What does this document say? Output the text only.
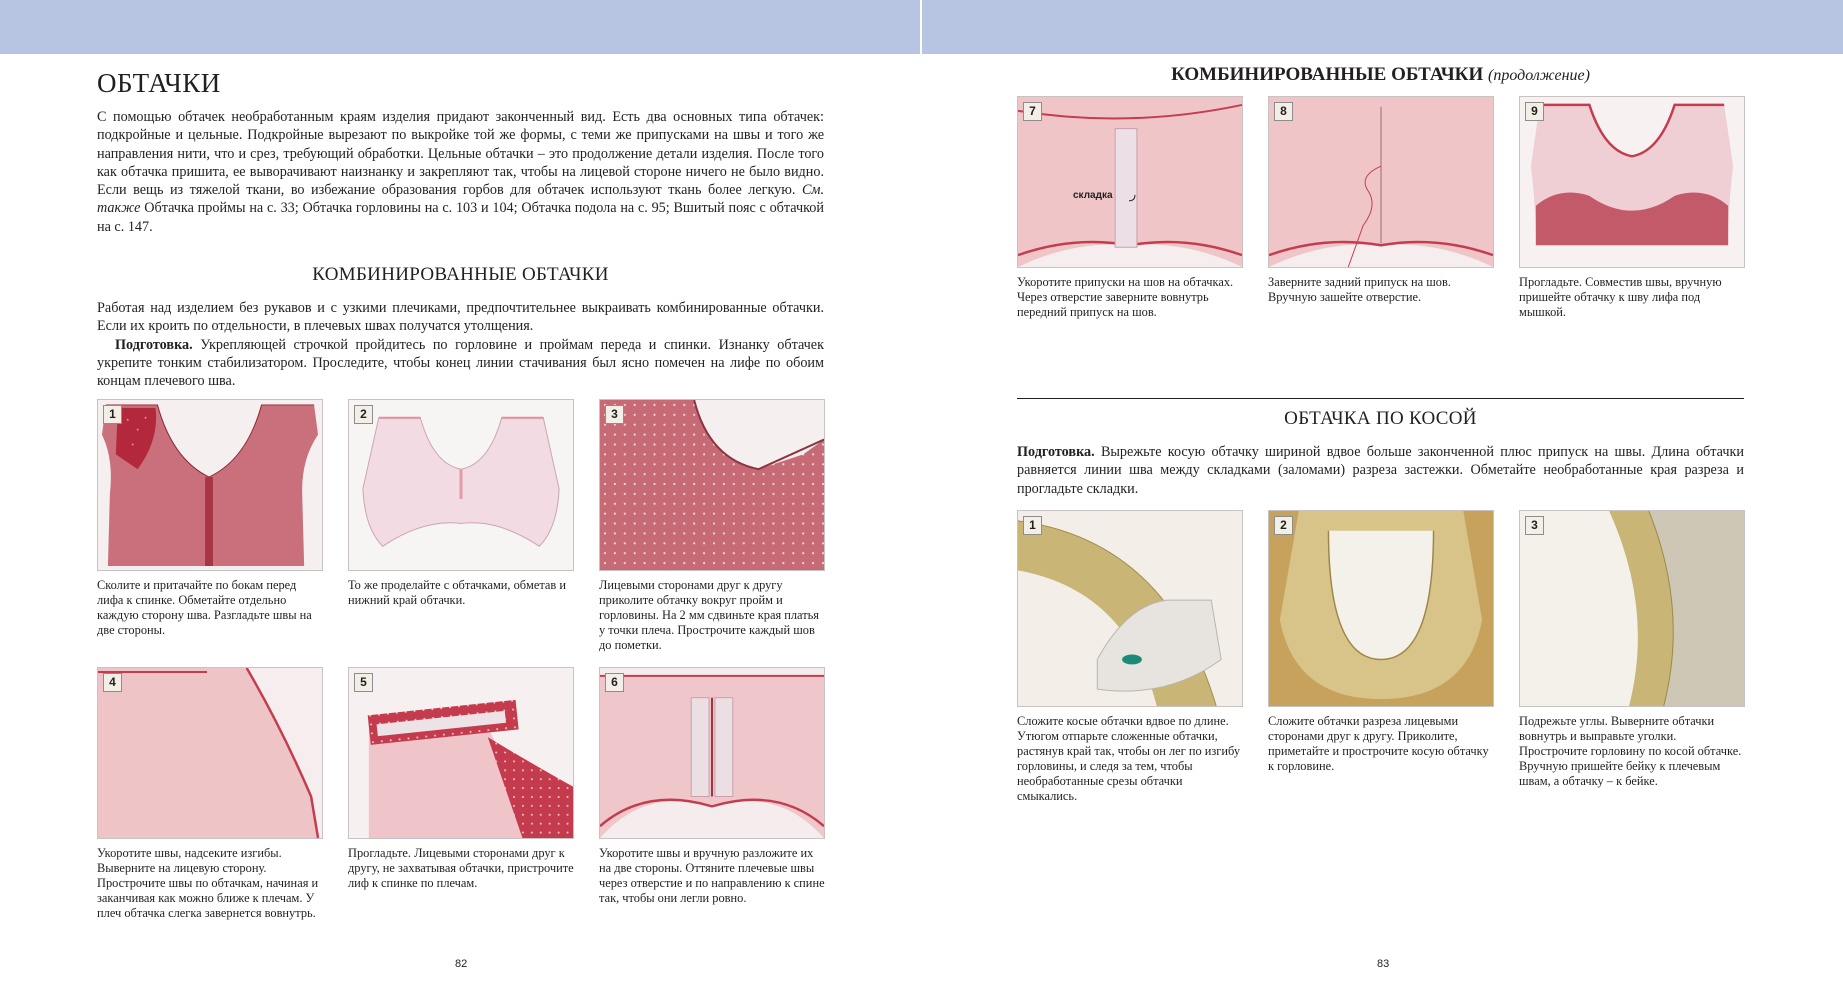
ОБТАЧКИ

С помощью обтачек необработанным краям изделия придают законченный вид. Есть два основных типа обтачек: подкройные и цельные. Подкройные вырезают по выкройке той же формы, с теми же припусками на швы и того же направления нити, что и срез, требующий обработки. Цельные обтачки – это продолжение детали изделия. После того как обтачка пришита, ее выворачивают наизнанку и закрепляют так, чтобы на лицевой стороне ничего не было видно. Если вещь из тяжелой ткани, во избежание образования горбов для обтачек используют ткань более легкую. См. также Обтачка проймы на с. 33; Обтачка горловины на с. 103 и 104; Обтачка подола на с. 95; Вшитый пояс с обтачкой на с. 147.

КОМБИНИРОВАННЫЕ ОБТАЧКИ

Работая над изделием без рукавов и с узкими плечиками, предпочтительнее выкраивать комбинированные обтачки. Если их кроить по отдельности, в плечевых швах получатся утолщения.
Подготовка. Укрепляющей строчкой пройдитесь по горловине и проймам переда и спинки. Изнанку обтачек укрепите тонким стабилизатором. Проследите, чтобы конец линии стачивания был ясно помечен на лифе по обоим концам плечевого шва.

1

Сколите и притачайте по бокам перед лифа к спинке. Обметайте отдельно каждую сторону шва. Разгладьте швы на две стороны.

2

То же проделайте с обтачками, обметав и нижний край обтачки.

3

Лицевыми сторонами друг к другу приколите обтачку вокруг пройм и горловины. На 2 мм сдвиньте края платья у точки плеча. Прострочите каждый шов до пометки.

4

Укоротите швы, надсеките изгибы. Выверните на лицевую сторону. Прострочите швы по обтачкам, начиная и заканчивая как можно ближе к плечам. У плеч обтачка слегка завернется вовнутрь.

5

Прогладьте. Лицевыми сторонами друг к другу, не захватывая обтачки, пристрочите лиф к спинке по плечам.

6

Укоротите швы и вручную разложите их на две стороны. Оттяните плечевые швы через отверстие и по направлению к спине так, чтобы они легли ровно.

82
КОМБИНИРОВАННЫЕ ОБТАЧКИ (продолжение)
7
складка

Укоротите припуски на шов на обтачках. Через отверстие заверните вовнутрь передний припуск на шов.

8

Заверните задний припуск на шов. Вручную зашейте отверстие.

9

Прогладьте. Совместив швы, вручную пришейте обтачку к шву лифа под мышкой.

ОБТАЧКА ПО КОСОЙ

Подготовка. Вырежьте косую обтачку шириной вдвое больше законченной плюс припуск на швы. Длина обтачки равняется линии шва между складками (заломами) разреза застежки. Обметайте необработанные края разреза и прогладьте складки.

1

Сложите косые обтачки вдвое по длине. Утюгом отпарьте сложенные обтачки, растянув край так, чтобы он лег по изгибу горловины, и следя за тем, чтобы необработанные срезы обтачки смыкались.

2

Сложите обтачки разреза лицевыми сторонами друг к другу. Приколите, приметайте и прострочите косую обтачку к горловине.

3

Подрежьте углы. Выверните обтачки вовнутрь и выправьте уголки. Прострочите горловину по косой обтачке. Вручную пришейте бейку к плечевым швам, а обтачку – к бейке.

83
